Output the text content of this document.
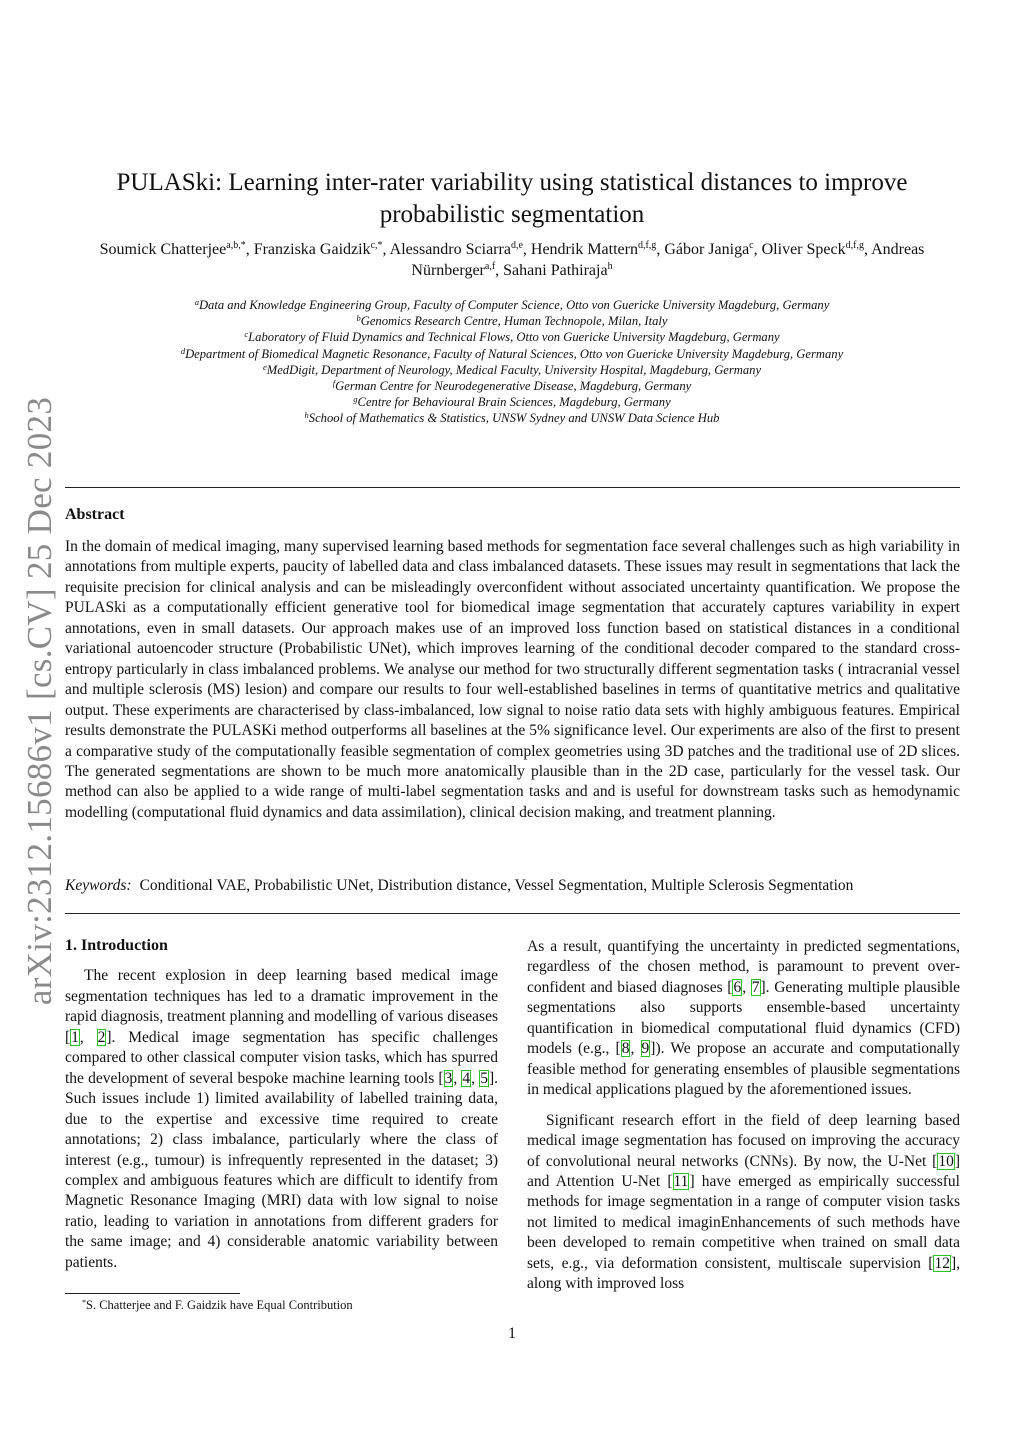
arXiv:2312.15686v1 [cs.CV] 25 Dec 2023
PULASki: Learning inter-rater variability using statistical distances to improve probabilistic segmentation
Soumick Chatterjee$^{a,b,*}$, Franziska Gaidzik$^{c,*}$, Alessandro Sciarra$^{d,e}$, Hendrik Mattern$^{d,f,g}$, Gábor Janiga$^c$, Oliver Speck$^{d,f,g}$, Andreas Nürnberger$^{a,f}$, Sahani Pathiraja$^h$
$^a$Data and Knowledge Engineering Group, Faculty of Computer Science, Otto von Guericke University Magdeburg, Germany
$^b$Genomics Research Centre, Human Technopole, Milan, Italy
$^c$Laboratory of Fluid Dynamics and Technical Flows, Otto von Guericke University Magdeburg, Germany
$^d$Department of Biomedical Magnetic Resonance, Faculty of Natural Sciences, Otto von Guericke University Magdeburg, Germany
$^e$MedDigit, Department of Neurology, Medical Faculty, University Hospital, Magdeburg, Germany
$^f$German Centre for Neurodegenerative Disease, Magdeburg, Germany
$^g$Centre for Behavioural Brain Sciences, Magdeburg, Germany
$^h$School of Mathematics & Statistics, UNSW Sydney and UNSW Data Science Hub
Abstract
In the domain of medical imaging, many supervised learning based methods for segmentation face several challenges such as high variability in annotations from multiple experts, paucity of labelled data and class imbalanced datasets. These issues may result in segmentations that lack the requisite precision for clinical analysis and can be misleadingly overconfident without associated uncertainty quantification. We propose the PULASki as a computationally efficient generative tool for biomedical image segmentation that accurately captures variability in expert annotations, even in small datasets. Our approach makes use of an improved loss function based on statistical distances in a conditional variational autoencoder structure (Probabilistic UNet), which improves learning of the conditional decoder compared to the standard cross-entropy particularly in class imbalanced problems. We analyse our method for two structurally different segmentation tasks ( intracranial vessel and multiple sclerosis (MS) lesion) and compare our results to four well-established baselines in terms of quantitative metrics and qualitative output. These experiments are characterised by class-imbalanced, low signal to noise ratio data sets with highly ambiguous features. Empirical results demonstrate the PULASKi method outperforms all baselines at the 5% significance level. Our experiments are also of the first to present a comparative study of the computationally feasible segmentation of complex geometries using 3D patches and the traditional use of 2D slices. The generated segmentations are shown to be much more anatomically plausible than in the 2D case, particularly for the vessel task. Our method can also be applied to a wide range of multi-label segmentation tasks and and is useful for downstream tasks such as hemodynamic modelling (computational fluid dynamics and data assimilation), clinical decision making, and treatment planning.
Keywords: Conditional VAE, Probabilistic UNet, Distribution distance, Vessel Segmentation, Multiple Sclerosis Segmentation
1. Introduction

The recent explosion in deep learning based medical image segmentation techniques has led to a dramatic improvement in the rapid diagnosis, treatment planning and modelling of various diseases [1, 2]. Medical image segmentation has specific challenges compared to other classical computer vision tasks, which has spurred the development of several bespoke machine learning tools [3, 4, 5]. Such issues include 1) limited availability of labelled training data, due to the expertise and excessive time required to create annotations; 2) class imbalance, particularly where the class of interest (e.g., tumour) is infrequently represented in the dataset; 3) complex and ambiguous features which are difficult to identify from Magnetic Resonance Imaging (MRI) data with low signal to noise ratio, leading to variation in annotations from different graders for the same image; and 4) considerable anatomic variability between patients.

As a result, quantifying the uncertainty in predicted segmentations, regardless of the chosen method, is paramount to prevent over-confident and biased diagnoses [6, 7]. Generating multiple plausible segmentations also supports ensemble-based uncertainty quantification in biomedical computational fluid dynamics (CFD) models (e.g., [8, 9]). We propose an accurate and computationally feasible method for generating ensembles of plausible segmentations in medical applications plagued by the aforementioned issues.

Significant research effort in the field of deep learning based medical image segmentation has focused on improving the accuracy of convolutional neural networks (CNNs). By now, the U-Net [10] and Attention U-Net [11] have emerged as empirically successful methods for image segmentation in a range of computer vision tasks not limited to medical imaginEnhancements of such methods have been developed to remain competitive when trained on small data sets, e.g., via deformation consistent, multiscale supervision [12], along with improved loss

*S. Chatterjee and F. Gaidzik have Equal Contribution
1
